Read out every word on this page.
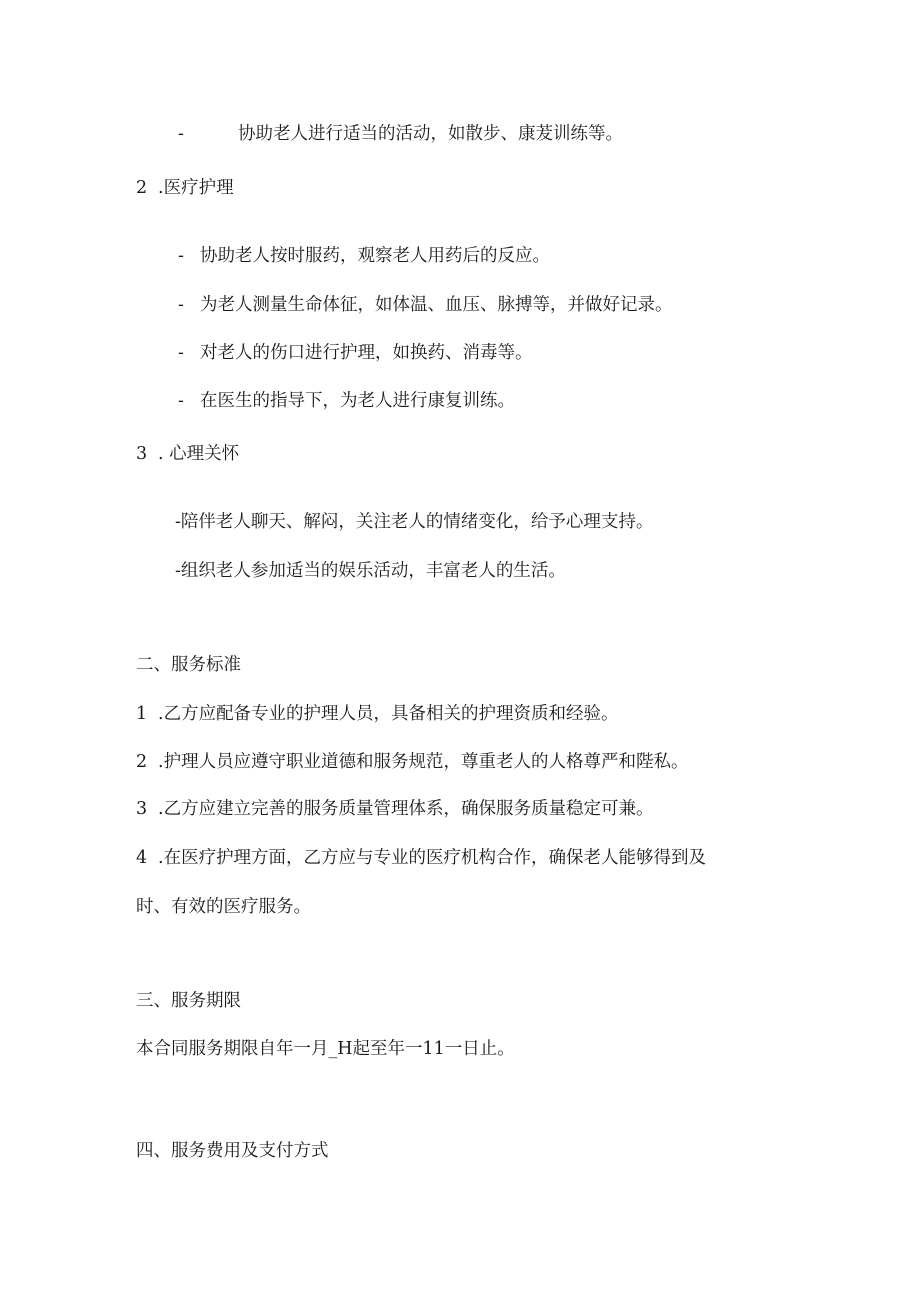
-	协助老人进行适当的活动，如散步、康茇训练等。
2 .医疗护理
- 协助老人按时服药，观察老人用药后的反应。
- 为老人测量生命体征，如体温、血压、脉搏等，并做好记录。
- 对老人的伤口进行护理，如换药、消毒等。
- 在医生的指导下，为老人进行康复训练。
3 . 心理关怀
-陪伴老人聊天、解闷，关注老人的情绪变化，给予心理支持。
-组织老人参加适当的娱乐活动，丰富老人的生活。
二、服务标准
1 .乙方应配备专业的护理人员，具备相关的护理资质和经验。
2 .护理人员应遵守职业道德和服务规范，尊重老人的人格尊严和陛私。
3 .乙方应建立完善的服务质量管理体系，确保服务质量稳定可兼。
4 .在医疗护理方面，乙方应与专业的医疗机构合作，确保老人能够得到及
时、有效的医疗服务。
三、服务期限
本合同服务期限自年一月_H起至年一11一日止。
四、服务费用及支付方式
